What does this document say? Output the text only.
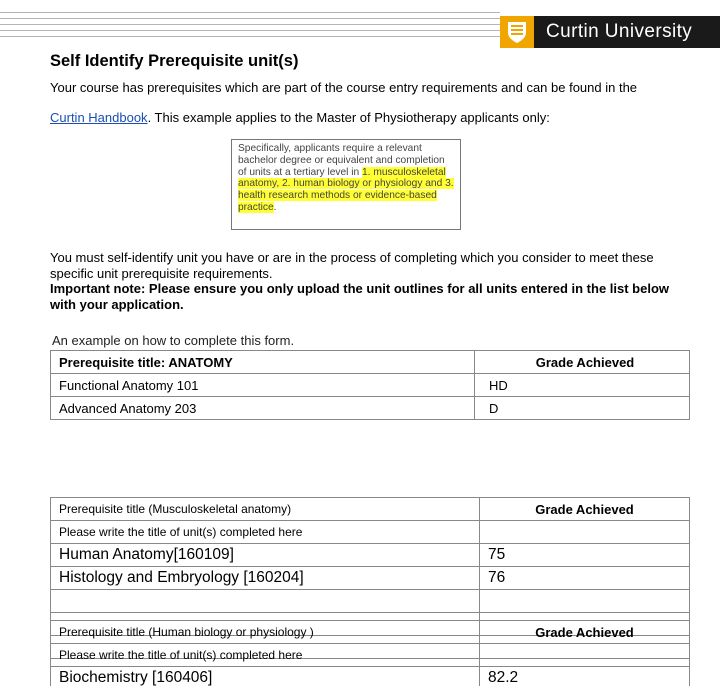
Curtin University
Self Identify Prerequisite unit(s)

Your course has prerequisites which are part of the course entry requirements and can be found in the

Curtin Handbook. This example applies to the Master of Physiotherapy applicants only:

Specifically, applicants require a relevant bachelor degree or equivalent and completion of units at a tertiary level in 1. musculoskeletal anatomy, 2. human biology or physiology and 3. health research methods or evidence-based practice.
You must self-identify unit you have or are in the process of completing which you consider to meet these specific unit prerequisite requirements.
Important note: Please ensure you only upload the unit outlines for all units entered in the list below with your application.
An example on how to complete this form.
Prerequisite title: ANATOMY	Grade Achieved
Functional Anatomy 101	HD
Advanced Anatomy 203	D
Prerequisite title (Musculoskeletal anatomy)	Grade Achieved
Please write the title of unit(s) completed here	
Human Anatomy[160109]	75
Histology and Embryology [160204]	76

Prerequisite title (Human biology or physiology )	Grade Achieved
Please write the title of unit(s) completed here	
Biochemistry [160406]	82.2
